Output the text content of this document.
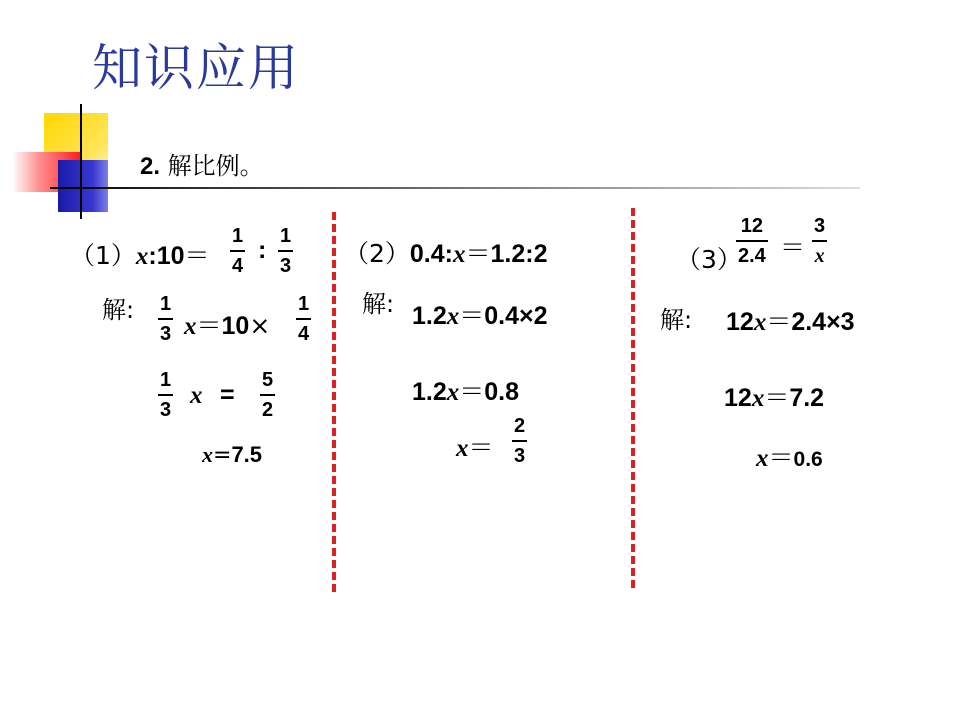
知识应用
2. 解比例。
（1）x:10＝
1
4
: 1
3
解: 1
3 x＝10×
1
4
1
3
x =
5
2
x=7.5
（2）0.4:x＝1.2:2
解: 1.2x＝0.4×2
1.2x＝0.8
x＝
2
3
（3）
12
2.4 ＝
3
x
解: 12x＝2.4×3
12x＝7.2
x＝0.6
